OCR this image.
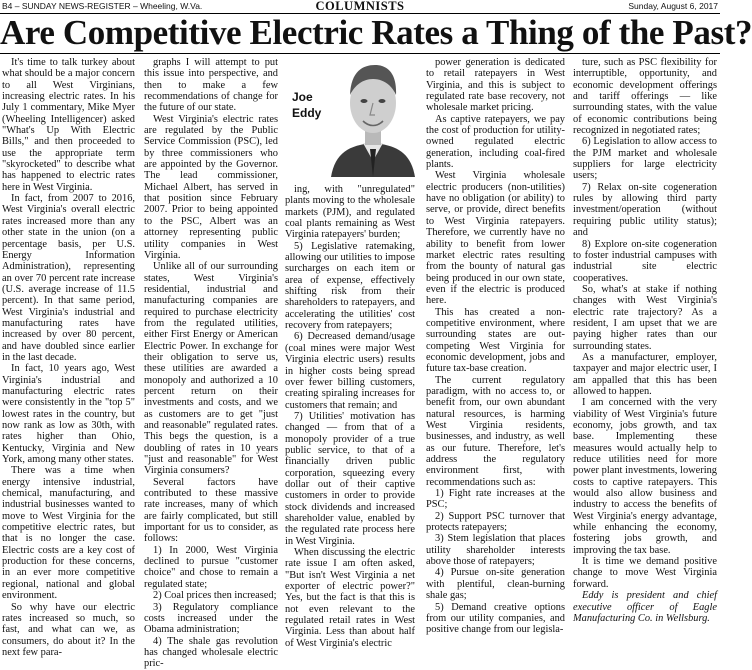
B4 – SUNDAY NEWS-REGISTER – Wheeling, W.Va.	COLUMNISTS	Sunday, August 6, 2017
Are Competitive Electric Rates a Thing of the Past?
Joe
Eddy

It's time to talk turkey about what should be a major concern to all West Virginians, increasing electric rates. In his July 1 commentary, Mike Myer (Wheeling Intelligencer) asked "What's Up With Electric Bills," and then proceeded to use the appropriate term "skyrocketed" to describe what has happened to electric rates here in West Virginia.

In fact, from 2007 to 2016, West Virginia's overall electric rates increased more than any other state in the union (on a percentage basis, per U.S. Energy Information Administration), representing an over 70 percent rate increase (U.S. average increase of 11.5 percent). In that same period, West Virginia's industrial and manufacturing rates have increased by over 80 percent, and have doubled since earlier in the last decade.

In fact, 10 years ago, West Virginia's industrial and manufacturing electric rates were consistently in the "top 5" lowest rates in the country, but now rank as low as 30th, with rates higher than Ohio, Kentucky, Virginia and New York, among many other states.

There was a time when energy intensive industrial, chemical, manufacturing, and industrial businesses wanted to move to West Virginia for the competitive electric rates, but that is no longer the case. Electric costs are a key cost of production for these concerns, in an ever more competitive regional, national and global environment.

So why have our electric rates increased so much, so fast, and what can we, as consumers, do about it? In the next few para-

graphs I will attempt to put this issue into perspective, and then to make a few recommendations of change for the future of our state.

West Virginia's electric rates are regulated by the Public Service Commission (PSC), led by three commissioners who are appointed by the Governor. The lead commissioner, Michael Albert, has served in that position since February 2007. Prior to being appointed to the PSC, Albert was an attorney representing public utility companies in West Virginia.

Unlike all of our surrounding states, West Virginia's residential, industrial and manufacturing companies are required to purchase electricity from the regulated utilities, either First Energy or American Electric Power. In exchange for their obligation to serve us, these utilities are awarded a monopoly and authorized a 10 percent return on their investments and costs, and we as customers are to get "just and reasonable" regulated rates. This begs the question, is a doubling of rates in 10 years "just and reasonable" for West Virginia consumers?

Several factors have contributed to these massive rate increases, many of which are fairly complicated, but still important for us to consider, as follows:

1) In 2000, West Virginia declined to pursue "customer choice" and chose to remain a regulated state;

2) Coal prices then increased;

3) Regulatory compliance costs increased under the Obama administration;

4) The shale gas revolution has changed wholesale electric pric-

ing, with "unregulated" plants moving to the wholesale markets (PJM), and regulated coal plants remaining as West Virginia ratepayers' burden;

5) Legislative ratemaking, allowing our utilities to impose surcharges on each item or area of expense, effectively shifting risk from their shareholders to ratepayers, and accelerating the utilities' cost recovery from ratepayers;

6) Decreased demand/usage (coal mines were major West Virginia electric users) results in higher costs being spread over fewer billing customers, creating spiraling increases for customers that remain; and

7) Utilities' motivation has changed — from that of a monopoly provider of a true public service, to that of a financially driven public corporation, squeezing every dollar out of their captive customers in order to provide stock dividends and increased shareholder value, enabled by the regulated rate process here in West Virginia.

When discussing the electric rate issue I am often asked, "But isn't West Virginia a net exporter of electric power?" Yes, but the fact is that this is not even relevant to the regulated retail rates in West Virginia. Less than about half of West Virginia's electric

power generation is dedicated to retail ratepayers in West Virginia, and this is subject to regulated rate base recovery, not wholesale market pricing.

As captive ratepayers, we pay the cost of production for utility-owned regulated electric generation, including coal-fired plants.

West Virginia wholesale electric producers (non-utilities) have no obligation (or ability) to serve, or provide, direct benefits to West Virginia ratepayers. Therefore, we currently have no ability to benefit from lower market electric rates resulting from the bounty of natural gas being produced in our own state, even if the electric is produced here.

This has created a non-competitive environment, where surrounding states are out-competing West Virginia for economic development, jobs and future tax-base creation.

The current regulatory paradigm, with no access to, or benefit from, our own abundant natural resources, is harming West Virginia residents, businesses, and industry, as well as our future. Therefore, let's address the regulatory environment first, with recommendations such as:

1) Fight rate increases at the PSC;

2) Support PSC turnover that protects ratepayers;

3) Stem legislation that places utility shareholder interests above those of ratepayers;

4) Pursue on-site generation with plentiful, clean-burning shale gas;

5) Demand creative options from our utility companies, and positive change from our legisla-

ture, such as PSC flexibility for interruptible, opportunity, and economic development offerings and tariff offerings — like surrounding states, with the value of economic contributions being recognized in negotiated rates;

6) Legislation to allow access to the PJM market and wholesale suppliers for large electricity users;

7) Relax on-site cogeneration rules by allowing third party investment/operation (without requiring public utility status); and

8) Explore on-site cogeneration to foster industrial campuses with industrial site electric cooperatives.

So, what's at stake if nothing changes with West Virginia's electric rate trajectory? As a resident, I am upset that we are paying higher rates than our surrounding states.

As a manufacturer, employer, taxpayer and major electric user, I am appalled that this has been allowed to happen.

I am concerned with the very viability of West Virginia's future economy, jobs growth, and tax base. Implementing these measures would actually help to reduce utilities need for more power plant investments, lowering costs to captive ratepayers. This would also allow business and industry to access the benefits of West Virginia's energy advantage, while enhancing the economy, fostering jobs growth, and improving the tax base.

It is time we demand positive change to move West Virginia forward.

Eddy is president and chief executive officer of Eagle Manufacturing Co. in Wellsburg.
